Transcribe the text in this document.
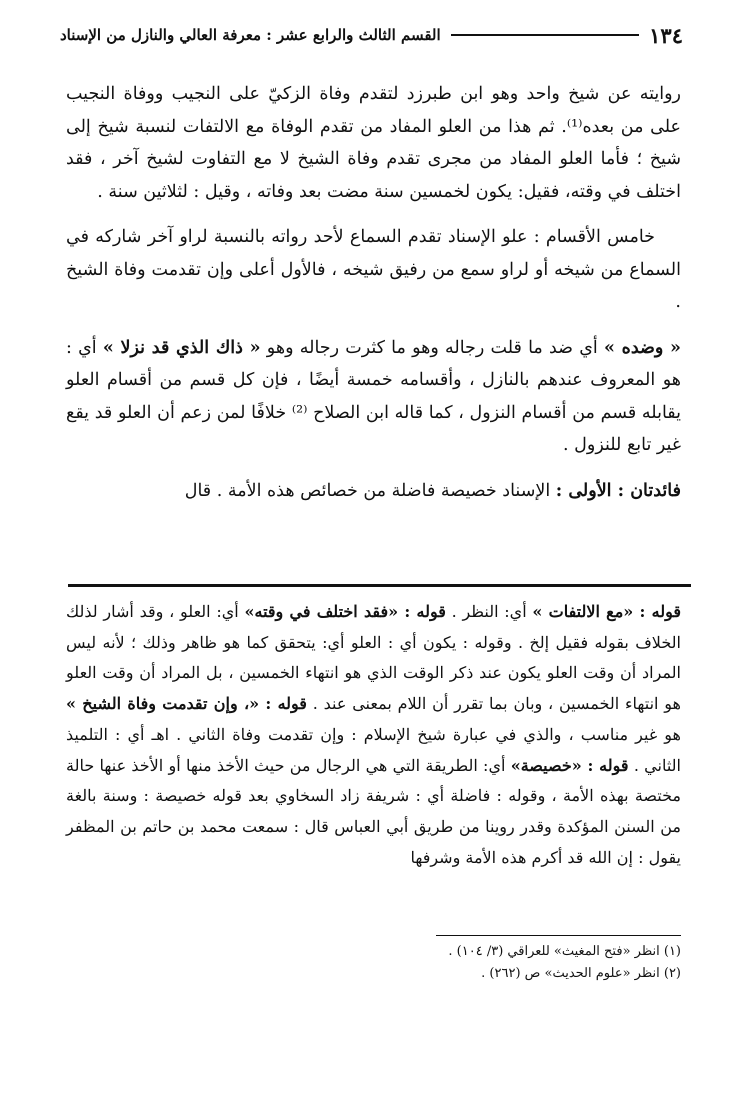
١٣٤
القسم الثالث والرابع عشر : معرفة العالي والنازل من الإسناد

روايته عن شيخ واحد وهو ابن طبرزد لتقدم وفاة الزكيّ على النجيب ووفاة النجيب على من بعده⁽¹⁾. ثم هذا من العلو المفاد من تقدم الوفاة مع الالتفات لنسبة شيخ إلى شيخ ؛ فأما العلو المفاد من مجرى تقدم وفاة الشيخ لا مع التفاوت لشيخ آخر ، فقد اختلف في وقته، فقيل: يكون لخمسين سنة مضت بعد وفاته ، وقيل : لثلاثين سنة .

خامس الأقسام : علو الإسناد تقدم السماع لأحد رواته بالنسبة لراو آخر شاركه في السماع من شيخه أو لراو سمع من رفيق شيخه ، فالأول أعلى وإن تقدمت وفاة الشيخ .

« وضده » أي ضد ما قلت رجاله وهو ما كثرت رجاله وهو « ذاك الذي قد نزلا » أي : هو المعروف عندهم بالنازل ، وأقسامه خمسة أيضًا ، فإن كل قسم من أقسام العلو يقابله قسم من أقسام النزول ، كما قاله ابن الصلاح ⁽²⁾ خلافًا لمن زعم أن العلو قد يقع غير تابع للنزول .

فائدتان : الأولى : الإسناد خصيصة فاضلة من خصائص هذه الأمة . قال

قوله : «مع الالتفات » أي: النظر . قوله : «فقد اختلف في وقته» أي: العلو ، وقد أشار لذلك الخلاف بقوله فقيل إلخ . وقوله : يكون أي : العلو أي: يتحقق كما هو ظاهر وذلك ؛ لأنه ليس المراد أن وقت العلو يكون عند ذكر الوقت الذي هو انتهاء الخمسين ، بل المراد أن وقت العلو هو انتهاء الخمسين ، وبان بما تقرر أن اللام بمعنى عند . قوله : «، وإن تقدمت وفاة الشيخ » هو غير مناسب ، والذي في عبارة شيخ الإسلام : وإن تقدمت وفاة الثاني . اهـ أي : التلميذ الثاني . قوله : «خصيصة» أي: الطريقة التي هي الرجال من حيث الأخذ منها أو الأخذ عنها حالة مختصة بهذه الأمة ، وقوله : فاضلة أي : شريفة زاد السخاوي بعد قوله خصيصة : وسنة بالغة من السنن المؤكدة وقدر روينا من طريق أبي العباس قال : سمعت محمد بن حاتم بن المظفر يقول : إن الله قد أكرم هذه الأمة وشرفها

(١) انظر «فتح المغيث» للعراقي (٣/ ١٠٤) .

(٢) انظر «علوم الحديث» ص (٢٦٢) .
